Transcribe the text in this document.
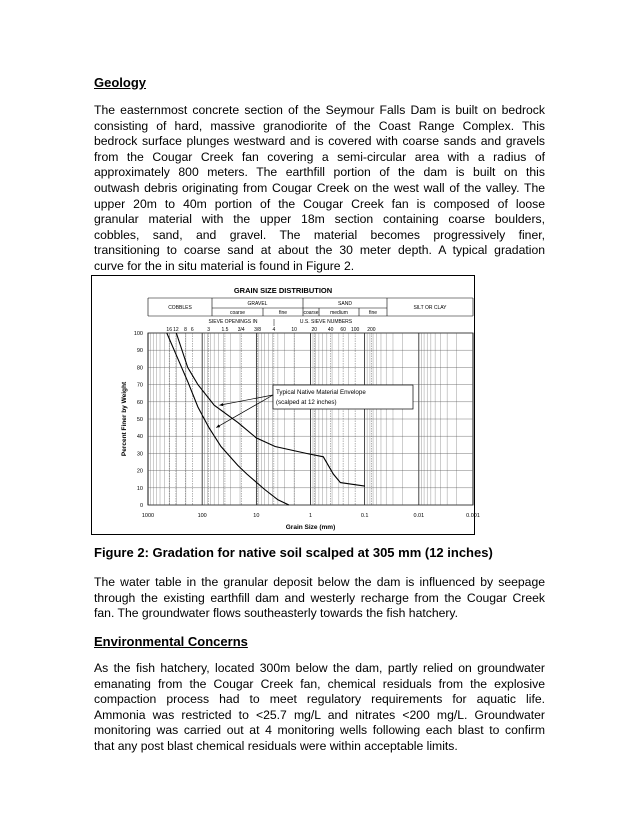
Geology
The easternmost concrete section of the Seymour Falls Dam is built on bedrock
consisting of hard, massive granodiorite of the Coast Range Complex. This
bedrock surface plunges westward and is covered with coarse sands and gravels
from the Cougar Creek fan covering a semi-circular area with a radius of
approximately 800 meters. The earthfill portion of the dam is built on this
outwash debris originating from Cougar Creek on the west wall of the valley. The
upper 20m to 40m portion of the Cougar Creek fan is composed of loose
granular material with the upper 18m section containing coarse boulders,
cobbles, sand, and gravel. The material becomes progressively finer,
transitioning to coarse sand at about the 30 meter depth. A typical gradation
curve for the in situ material is found in Figure 2.
GRAIN SIZE DISTRIBUTION
COBBLES
GRAVEL
coarse	fine
SAND
coarse medium	fine
SILT OR CLAY
SIEVE OPENINGS IN	U.S. SIEVE NUMBERS
16 12 8 6	3 1.5 3/4 3/8 4	10	20 40 60 100 200
1000	100	10	1	0.1	0.01	0.001
0
10
20
30
40
50
60
70
80
90
100
Grain Size (mm)
Percent Finer by Weight	Typical Native Material Envelope
(scalped at 12 inches)
Figure 2: Gradation for native soil scalped at 305 mm (12 inches)
The water table in the granular deposit below the dam is influenced by seepage
through the existing earthfill dam and westerly recharge from the Cougar Creek
fan. The groundwater flows southeasterly towards the fish hatchery.
Environmental Concerns
As the fish hatchery, located 300m below the dam, partly relied on groundwater
emanating from the Cougar Creek fan, chemical residuals from the explosive
compaction process had to meet regulatory requirements for aquatic life.
Ammonia was restricted to <25.7 mg/L and nitrates <200 mg/L. Groundwater
monitoring was carried out at 4 monitoring wells following each blast to confirm
that any post blast chemical residuals were within acceptable limits.
